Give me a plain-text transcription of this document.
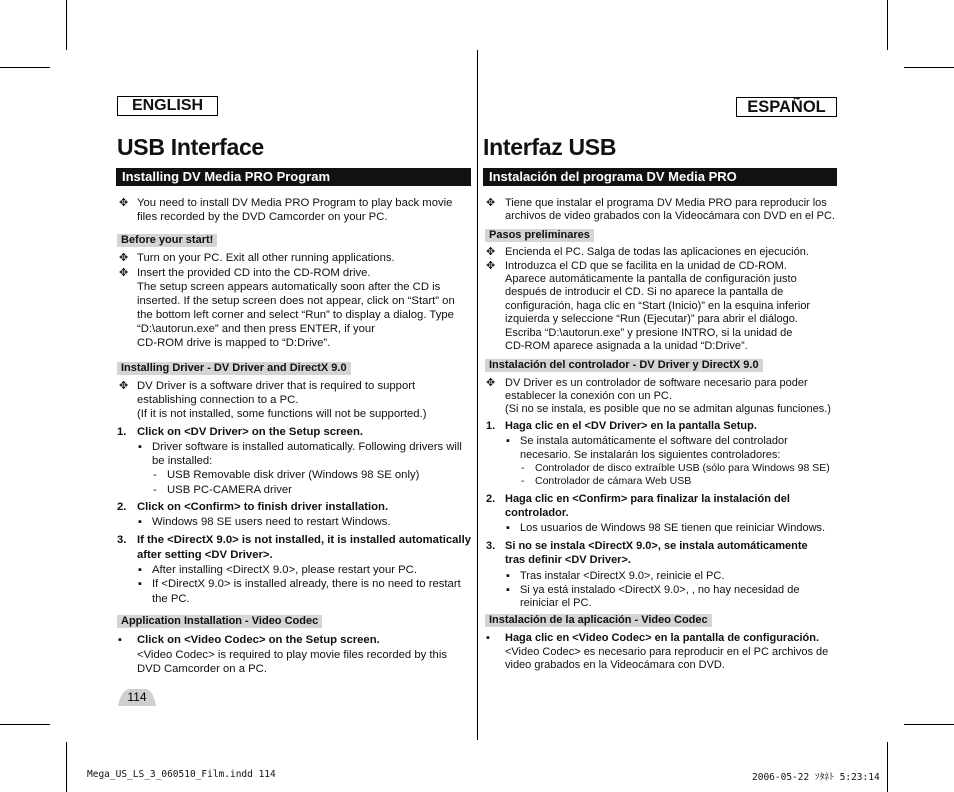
ENGLISH
USB Interface
Installing DV Media PRO Program
✥ You need to install DV Media PRO Program to play back movie
files recorded by the DVD Camcorder on your PC.
Before your start!
✥ Turn on your PC. Exit all other running applications.
✥ Insert the provided CD into the CD-ROM drive.
The setup screen appears automatically soon after the CD is
inserted. If the setup screen does not appear, click on “Start” on
the bottom left corner and select “Run” to display a dialog. Type
“D:\autorun.exe” and then press ENTER, if your
CD-ROM drive is mapped to “D:Drive”.
Installing Driver - DV Driver and DirectX 9.0
✥ DV Driver is a software driver that is required to support
establishing connection to a PC.
(If it is not installed, some functions will not be supported.)
1. Click on <DV Driver> on the Setup screen.
▪ Driver software is installed automatically. Following drivers will
be installed:
- USB Removable disk driver (Windows 98 SE only)
- USB PC-CAMERA driver
2. Click on <Confirm> to finish driver installation.
▪ Windows 98 SE users need to restart Windows.
3. If the <DirectX 9.0> is not installed, it is installed automatically
after setting <DV Driver>.
▪ After installing <DirectX 9.0>, please restart your PC.
▪ If <DirectX 9.0> is installed already, there is no need to restart
the PC.
Application Installation - Video Codec
▪ Click on <Video Codec> on the Setup screen.
<Video Codec> is required to play movie files recorded by this
DVD Camcorder on a PC.
114
ESPAÑOL
Interfaz USB
Instalación del programa DV Media PRO
✥ Tiene que instalar el programa DV Media PRO para reproducir los
archivos de video grabados con la Videocámara con DVD en el PC.
Pasos preliminares
✥ Encienda el PC. Salga de todas las aplicaciones en ejecución.
✥ Introduzca el CD que se facilita en la unidad de CD-ROM.
Aparece automáticamente la pantalla de configuración justo
después de introducir el CD. Si no aparece la pantalla de
configuración, haga clic en “Start (Inicio)” en la esquina inferior
izquierda y seleccione “Run (Ejecutar)” para abrir el diálogo.
Escriba “D:\autorun.exe” y presione INTRO, si la unidad de
CD-ROM aparece asignada a la unidad “D:Drive”.
Instalación del controlador - DV Driver y DirectX 9.0
✥ DV Driver es un controlador de software necesario para poder
establecer la conexión con un PC.
(Si no se instala, es posible que no se admitan algunas funciones.)
1. Haga clic en el <DV Driver> en la pantalla Setup.
▪ Se instala automáticamente el software del controlador
necesario. Se instalarán los siguientes controladores:
- Controlador de disco extraíble USB (sólo para Windows 98 SE)
- Controlador de cámara Web USB
2. Haga clic en <Confirm> para finalizar la instalación del
controlador.
▪ Los usuarios de Windows 98 SE tienen que reiniciar Windows.
3. Si no se instala <DirectX 9.0>, se instala automáticamente
tras definir <DV Driver>.
▪ Tras instalar <DirectX 9.0>, reinicie el PC.
▪ Si ya está instalado <DirectX 9.0>, , no hay necesidad de
reiniciar el PC.
Instalación de la aplicación - Video Codec
▪ Haga clic en <Video Codec> en la pantalla de configuración.
<Video Codec> es necesario para reproducir en el PC archivos de
video grabados en la Videocámara con DVD.
Mega_US_LS_3_060510_Film.indd 114	2006-05-22 ｿﾀﾈﾄ 5:23:14
